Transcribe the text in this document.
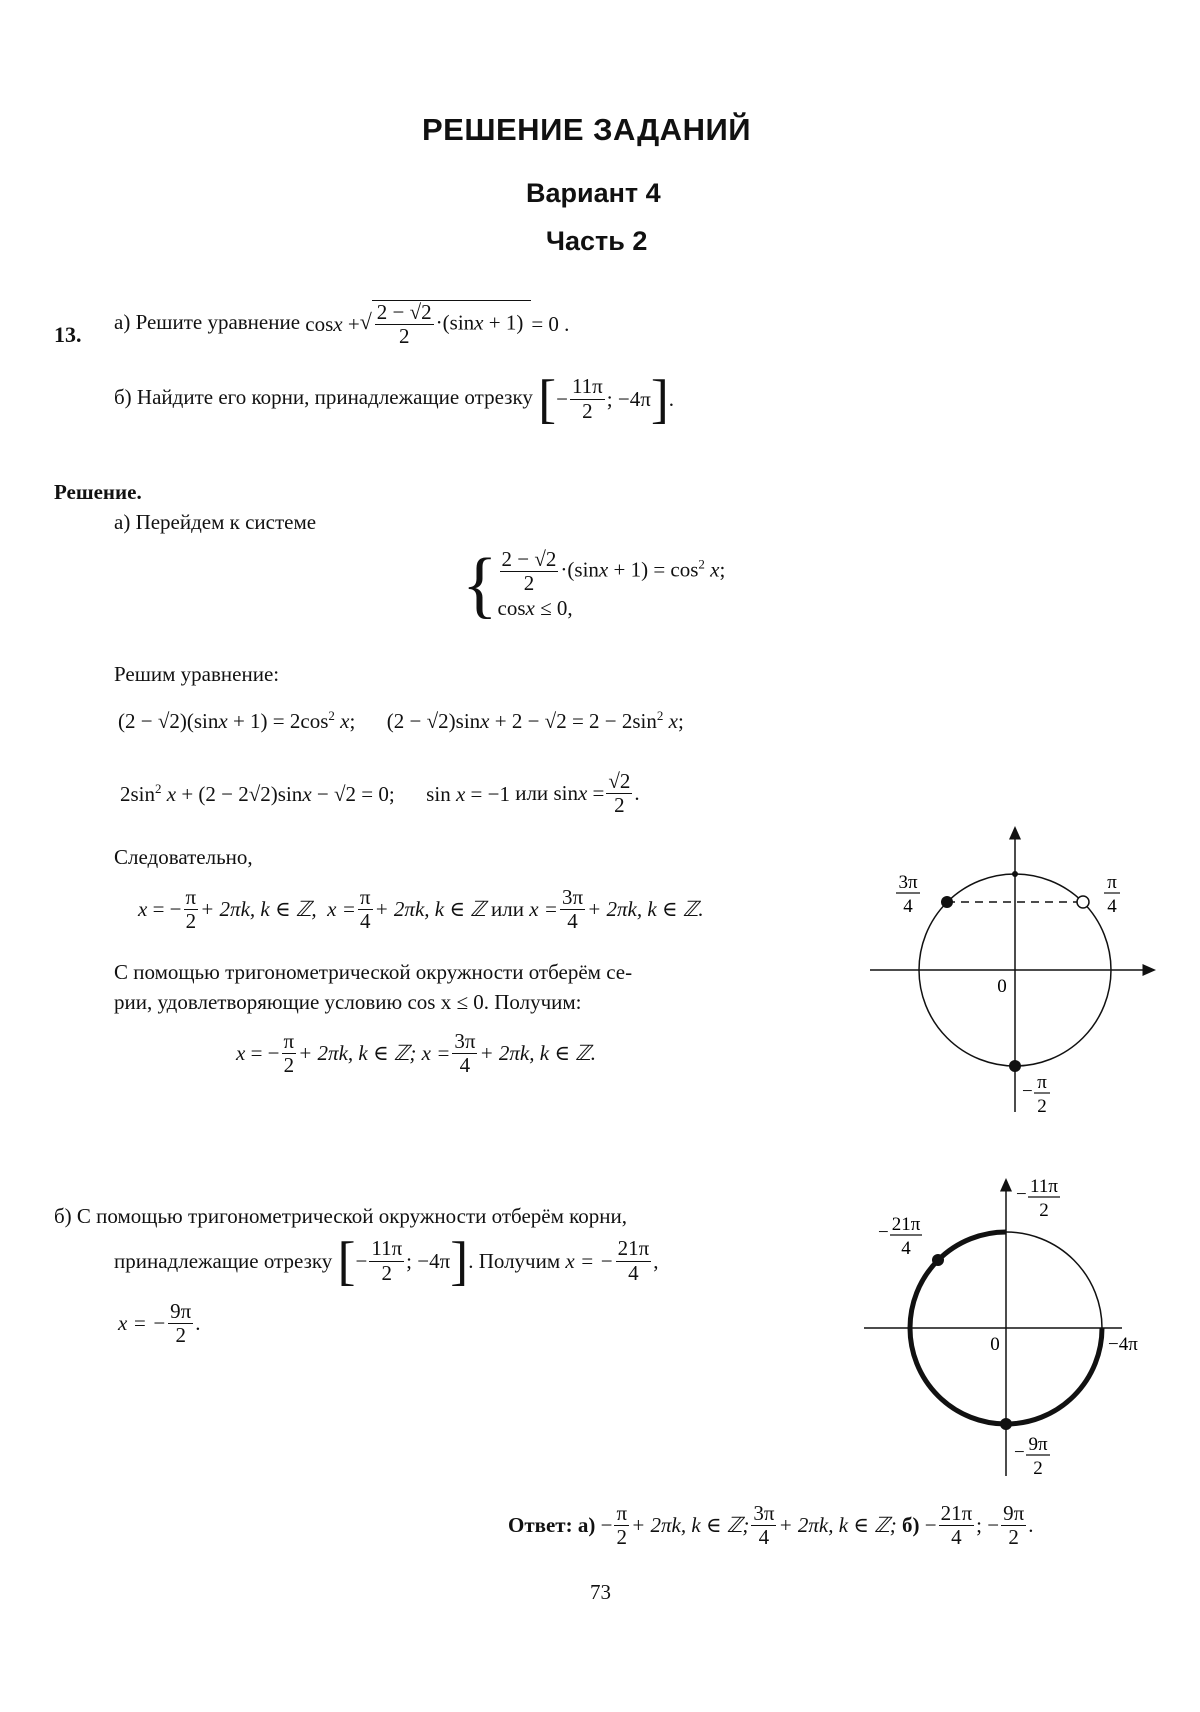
РЕШЕНИЕ ЗАДАНИЙ
Вариант 4
Часть 2
13.
а) Решите уравнение cosx +√ $\frac{2 - √2}{2} \cdot(\sin x + 1)= 0$ .
б) Найдите его корни, принадлежащие отрезку [− $\frac{11\pi}{2}$ ; −4π].
Решение.
а) Перейдем к системе
{ $\frac{2 - √2}{2} \cdot(\sin x + 1) = \cos^2 x$;
cosx ≤ 0,
Решим уравнение:
$(2 - √2)(\sin x + 1) = 2\cos^2$ x;      $(2 - √2)\sin x + 2 - √2 = 2 - 2\sin^2$ x;
$2\sin^2$ x + (2 − 2√2)sinx − √2 = 0;      sin x = −1 или $\sin x = \frac{√2}{2}$ .
Следовательно,
x = − $\frac{\pi}{2} + 2\pi k$, k ∈ ℤ,  $x = \frac{\pi}{4} + 2\pi k$, k ∈ ℤ или $x = \frac{3\pi}{4} + 2\pi k$, k ∈ ℤ.
С помощью тригонометрической окружности отберём се-
рии, удовлетворяющие условию cos x ≤ 0. Получим:
x = − $\frac{\pi}{2} + 2\pi k$, k ∈ ℤ; $x = \frac{3\pi}{4} + 2\pi k$, k ∈ ℤ.
б) С помощью тригонометрической окружности отберём корни,
принадлежащие отрезку [− $\frac{11\pi}{2}$ ; −4π]. Получим x = − $\frac{21\pi}{4}$ ,
x = − $\frac{9\pi}{2}$ .
Ответ: $а) - \frac{\pi}{2} + 2\pi k$, k ∈ ℤ; $\frac{3\pi}{4} + 2\pi k$, k ∈ ℤ; $б) - \frac{21\pi}{4}$ ; − $\frac{9\pi}{2}$ .
73
3π
4
π
4
0
− π
2
− 11π
2
− 21π
4
0	−4π
− 9π
2
